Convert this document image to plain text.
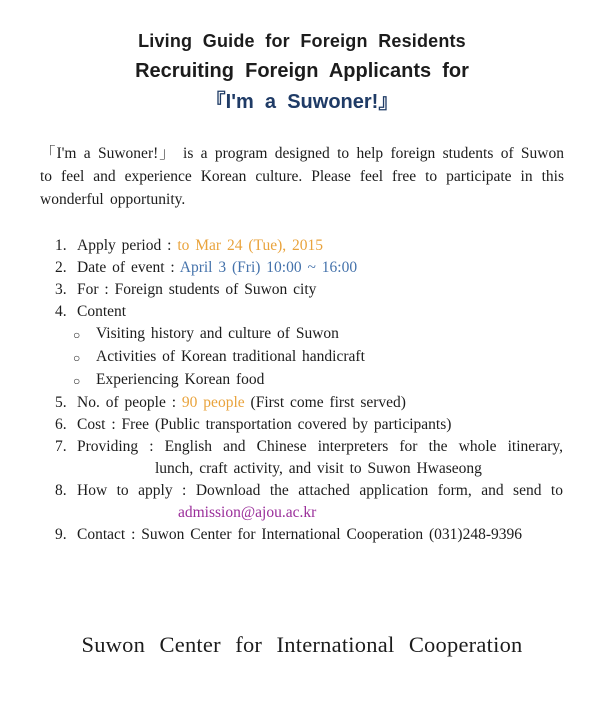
Living Guide for Foreign Residents
Recruiting Foreign Applicants for
『I'm a Suwoner!』

「I'm a Suwoner!」 is a program designed to help foreign students of Suwon to feel and experience Korean culture. Please feel free to participate in this wonderful opportunity.

1. Apply period : to Mar 24 (Tue), 2015
2. Date of event : April 3 (Fri) 10:00 ~ 16:00
3. For : Foreign students of Suwon city
4. Content
○	Visiting history and culture of Suwon
○	Activities of Korean traditional handicraft
○	Experiencing Korean food
5. No. of people : 90 people (First come first served)
6. Cost : Free (Public transportation covered by participants)
7. Providing : English and Chinese interpreters for the whole itinerary,
lunch, craft activity, and visit to Suwon Hwaseong
8. How to apply : Download the attached application form, and send to
admission@ajou.ac.kr
9. Contact : Suwon Center for International Cooperation (031)248-9396
Suwon Center for International Cooperation
